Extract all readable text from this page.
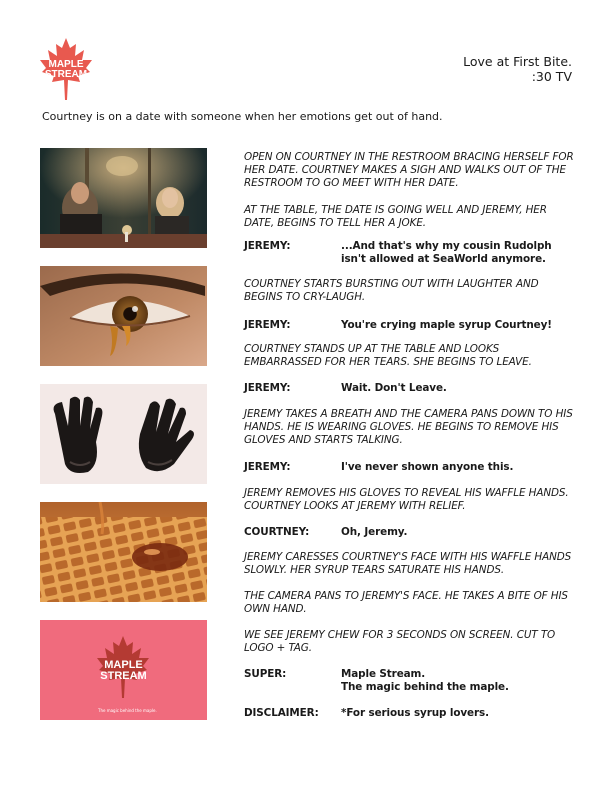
MAPLE
STREAM
Love at First Bite.
:30 TV
Courtney is on a date with someone when her emotions get out of hand.
MAPLE
STREAM
The magic behind the maple.
OPEN ON COURTNEY IN THE RESTROOM BRACING HERSELF FOR HER DATE. COURTNEY MAKES A SIGH AND WALKS OUT OF THE RESTROOM TO GO MEET WITH HER DATE.
AT THE TABLE, THE DATE IS GOING WELL AND JEREMY, HER DATE, BEGINS TO TELL HER A JOKE.
JEREMY:	...And that's why my cousin Rudolph isn't allowed at SeaWorld anymore.
COURTNEY STARTS BURSTING OUT WITH LAUGHTER AND BEGINS TO CRY-LAUGH.
JEREMY:	You're crying maple syrup Courtney!
COURTNEY STANDS UP AT THE TABLE AND LOOKS EMBARRASSED FOR HER TEARS. SHE BEGINS TO LEAVE.
JEREMY:	Wait. Don't Leave.
JEREMY TAKES A BREATH AND THE CAMERA PANS DOWN TO HIS HANDS. HE IS WEARING GLOVES. HE BEGINS TO REMOVE HIS GLOVES AND STARTS TALKING.
JEREMY:	I've never shown anyone this.
JEREMY REMOVES HIS GLOVES TO REVEAL HIS WAFFLE HANDS. COURTNEY LOOKS AT JEREMY WITH RELIEF.
COURTNEY:	Oh, Jeremy.
JEREMY CARESSES COURTNEY'S FACE WITH HIS WAFFLE HANDS SLOWLY. HER SYRUP TEARS SATURATE HIS HANDS.
THE CAMERA PANS TO JEREMY'S FACE. HE TAKES A BITE OF HIS OWN HAND.
WE SEE JEREMY CHEW FOR 3 SECONDS ON SCREEN. CUT TO LOGO + TAG.
SUPER:	Maple Stream.
The magic behind the maple.
DISCLAIMER:	*For serious syrup lovers.
